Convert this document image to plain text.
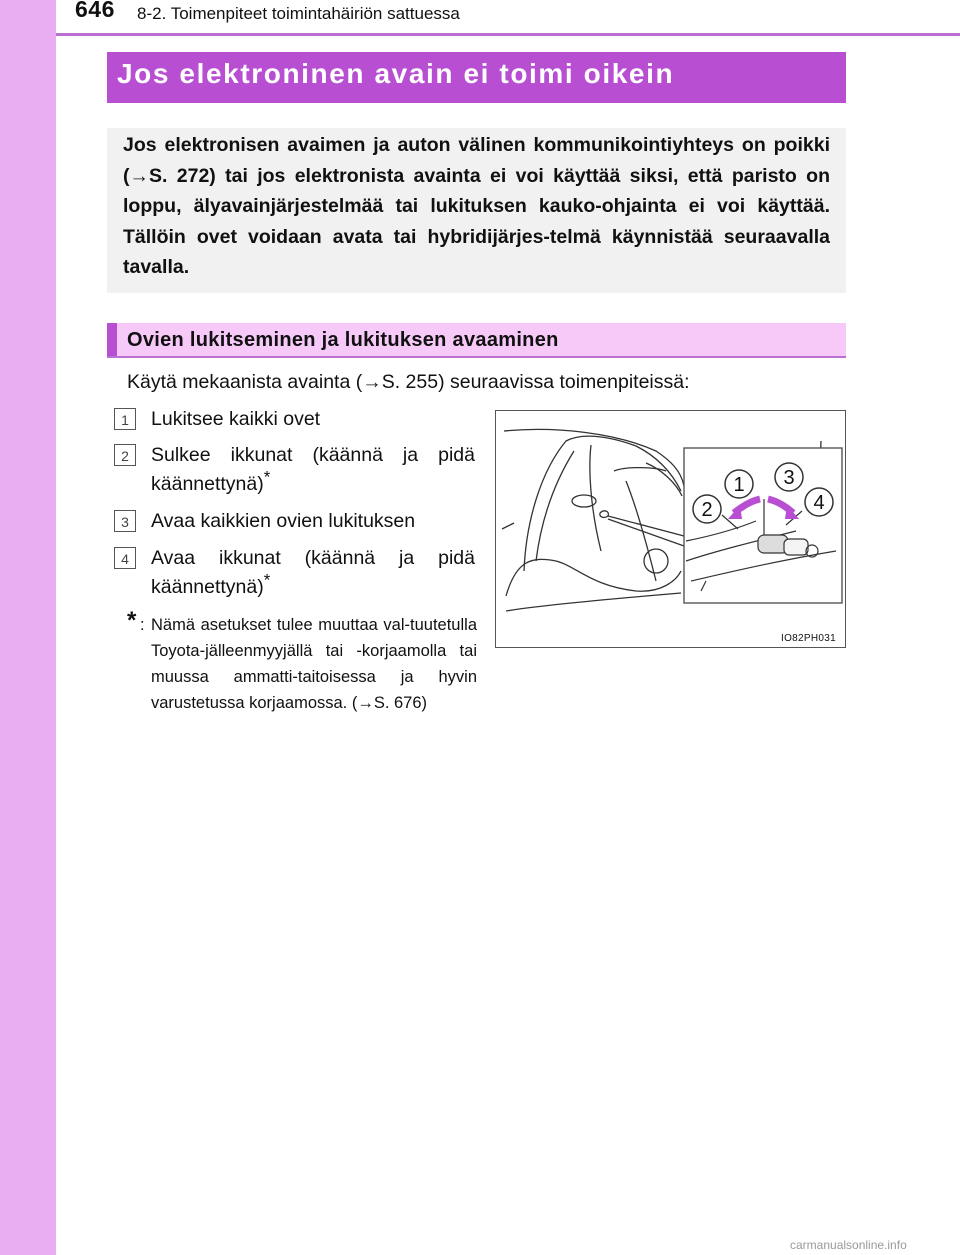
646 8-2. Toimenpiteet toimintahäiriön sattuessa
Jos elektroninen avain ei toimi oikein
Jos elektronisen avaimen ja auton välinen kommunikointiyhteys on poikki (→S. 272) tai jos elektronista avainta ei voi käyttää siksi, että paristo on loppu, älyavainjärjestelmää tai lukituksen kauko-ohjainta ei voi käyttää. Tällöin ovet voidaan avata tai hybridijärjes-telmä käynnistää seuraavalla tavalla.
Ovien lukitseminen ja lukituksen avaaminen
Käytä mekaanista avainta (→S. 255) seuraavissa toimenpiteissä:
1	Lukitsee kaikki ovet
2	Sulkee ikkunat (käännä ja pidä käännettynä)*
3	Avaa kaikkien ovien lukituksen
4	Avaa ikkunat (käännä ja pidä käännettynä)*
* : Nämä asetukset tulee muuttaa val-tuutetulla Toyota-jälleenmyyjällä tai -korjaamolla tai muussa ammatti-taitoisessa ja hyvin varustetussa korjaamossa. (→S. 676)
1 3
2	4
IO82PH031
carmanualsonline.info
